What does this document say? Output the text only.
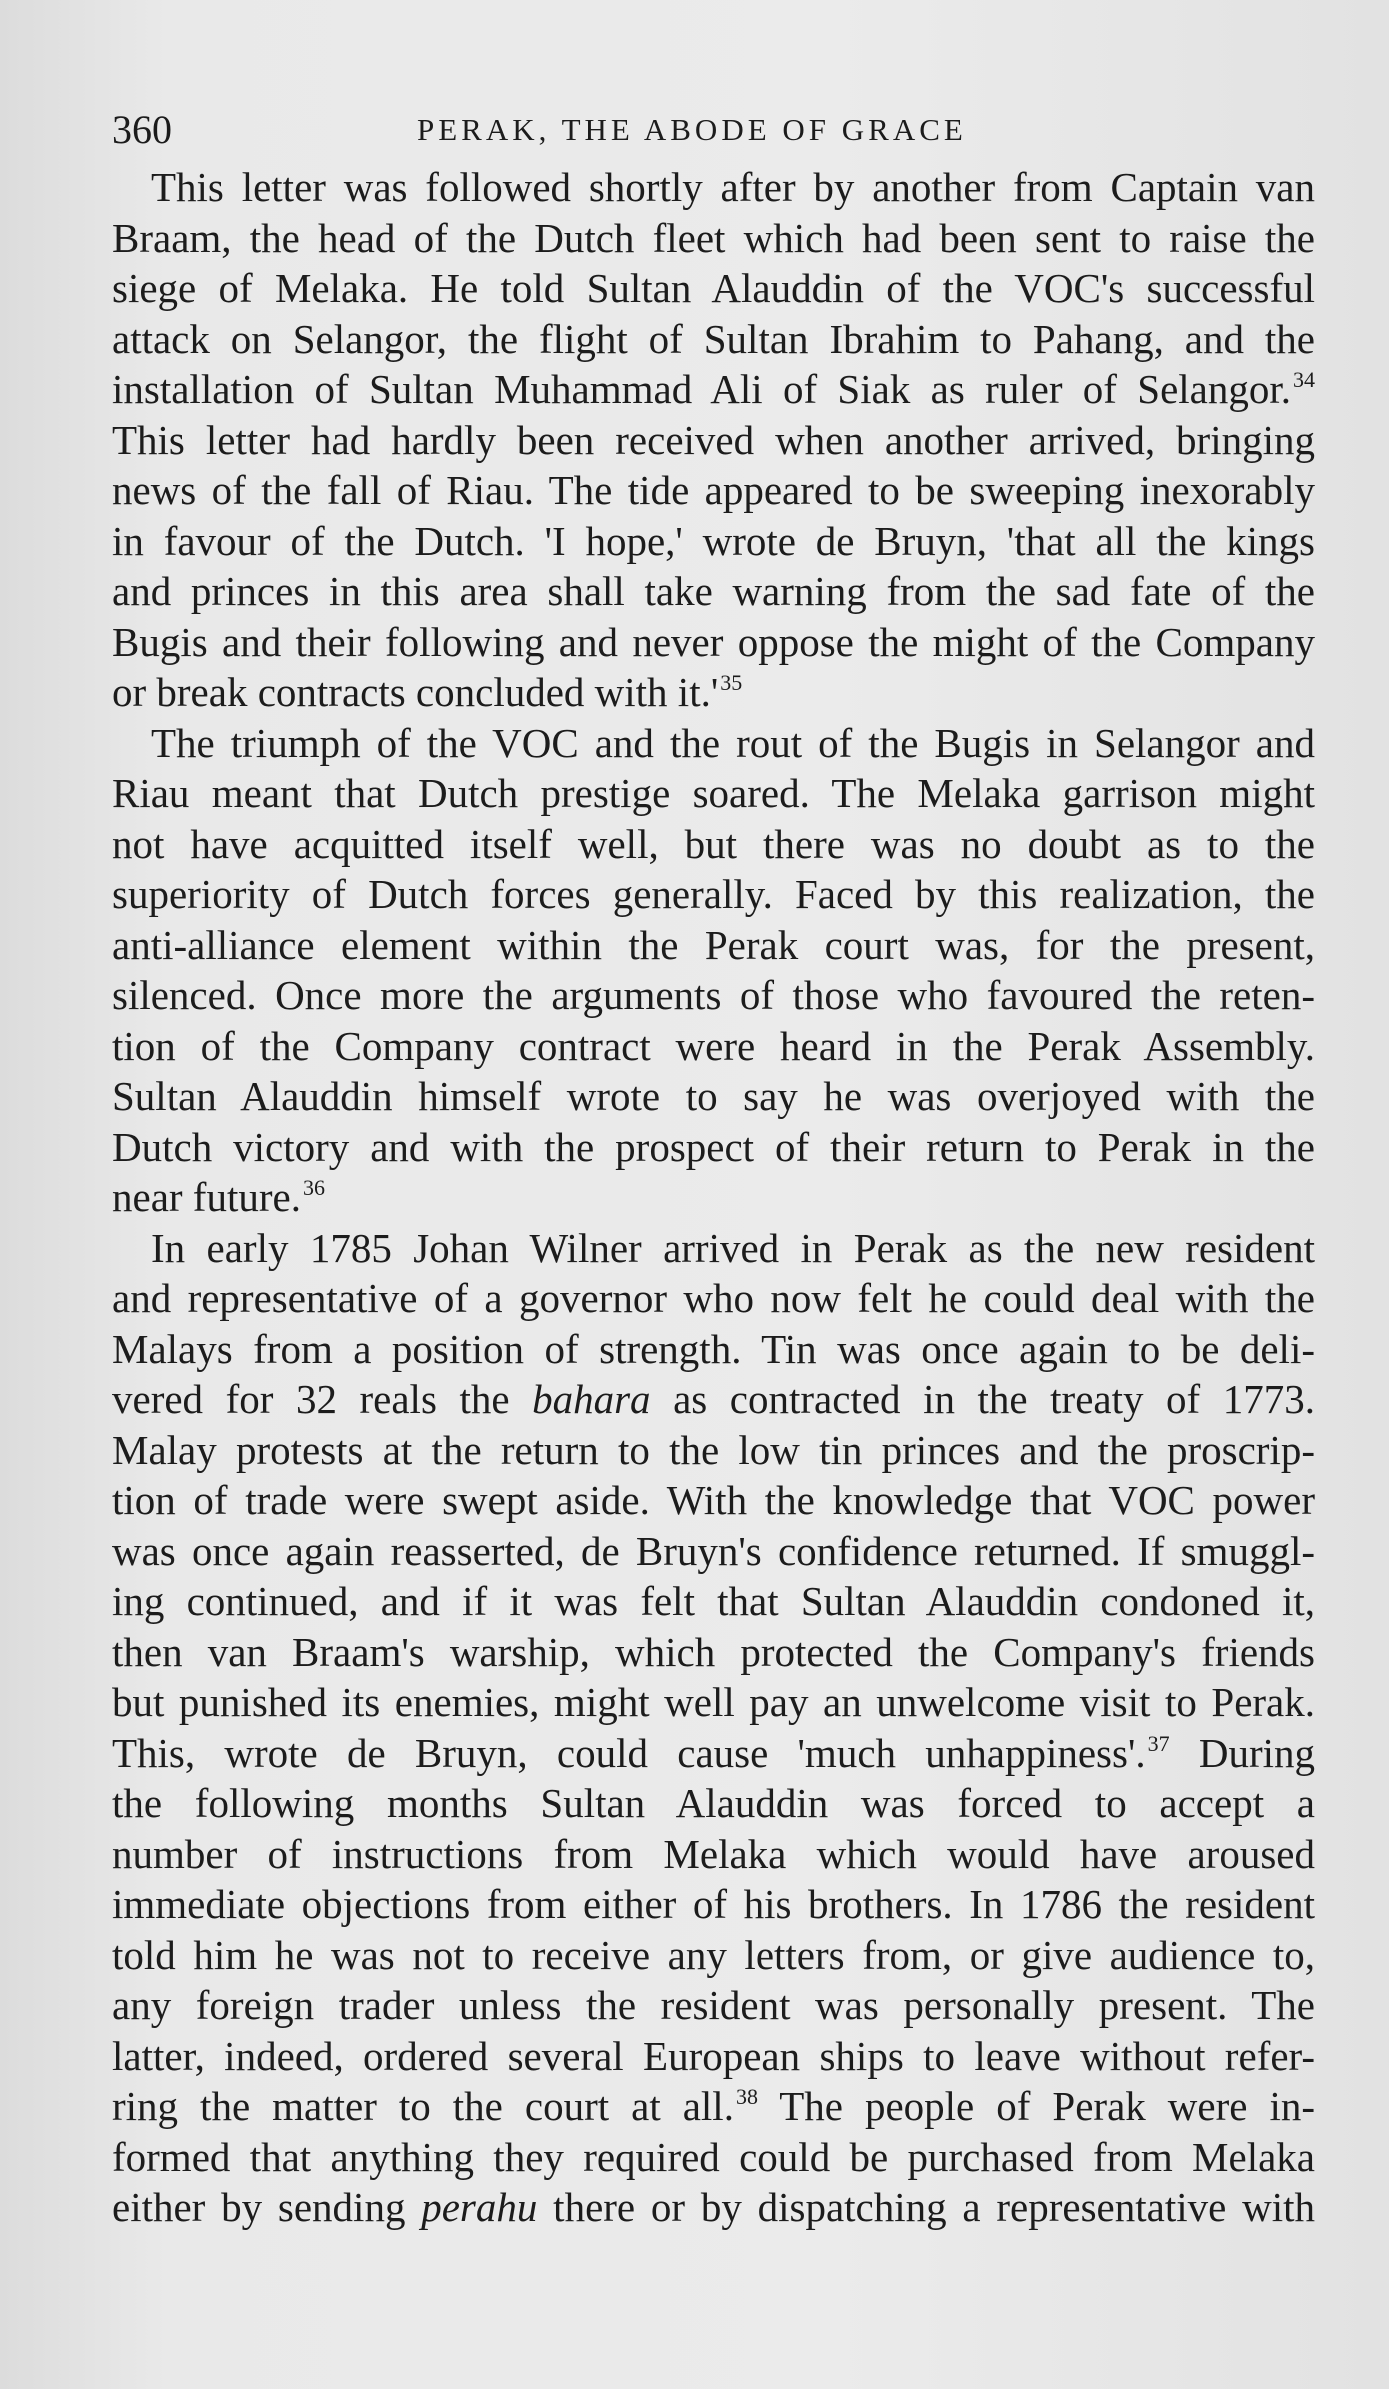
360	PERAK, THE ABODE OF GRACE
This letter was followed shortly after by another from Captain van
Braam, the head of the Dutch fleet which had been sent to raise the
siege of Melaka. He told Sultan Alauddin of the VOC's successful
attack on Selangor, the flight of Sultan Ibrahim to Pahang, and the
installation of Sultan Muhammad Ali of Siak as ruler of Selangor.$^{34}$
This letter had hardly been received when another arrived, bringing
news of the fall of Riau. The tide appeared to be sweeping inexorably
in favour of the Dutch. 'I hope,' wrote de Bruyn, 'that all the kings
and princes in this area shall take warning from the sad fate of the
Bugis and their following and never oppose the might of the Company
or break contracts concluded with it.'$^{35}$
The triumph of the VOC and the rout of the Bugis in Selangor and
Riau meant that Dutch prestige soared. The Melaka garrison might
not have acquitted itself well, but there was no doubt as to the
superiority of Dutch forces generally. Faced by this realization, the
anti-alliance element within the Perak court was, for the present,
silenced. Once more the arguments of those who favoured the reten-
tion of the Company contract were heard in the Perak Assembly.
Sultan Alauddin himself wrote to say he was overjoyed with the
Dutch victory and with the prospect of their return to Perak in the
near future.$^{36}$
In early 1785 Johan Wilner arrived in Perak as the new resident
and representative of a governor who now felt he could deal with the
Malays from a position of strength. Tin was once again to be deli-
vered for 32 reals the bahara as contracted in the treaty of 1773.
Malay protests at the return to the low tin princes and the proscrip-
tion of trade were swept aside. With the knowledge that VOC power
was once again reasserted, de Bruyn's confidence returned. If smuggl-
ing continued, and if it was felt that Sultan Alauddin condoned it,
then van Braam's warship, which protected the Company's friends
but punished its enemies, might well pay an unwelcome visit to Perak.
This, wrote de Bruyn, could cause 'much unhappiness'.$^{37}$ During
the following months Sultan Alauddin was forced to accept a
number of instructions from Melaka which would have aroused
immediate objections from either of his brothers. In 1786 the resident
told him he was not to receive any letters from, or give audience to,
any foreign trader unless the resident was personally present. The
latter, indeed, ordered several European ships to leave without refer-
ring the matter to the court at all.$^{38}$ The people of Perak were in-
formed that anything they required could be purchased from Melaka
either by sending perahu there or by dispatching a representative with
